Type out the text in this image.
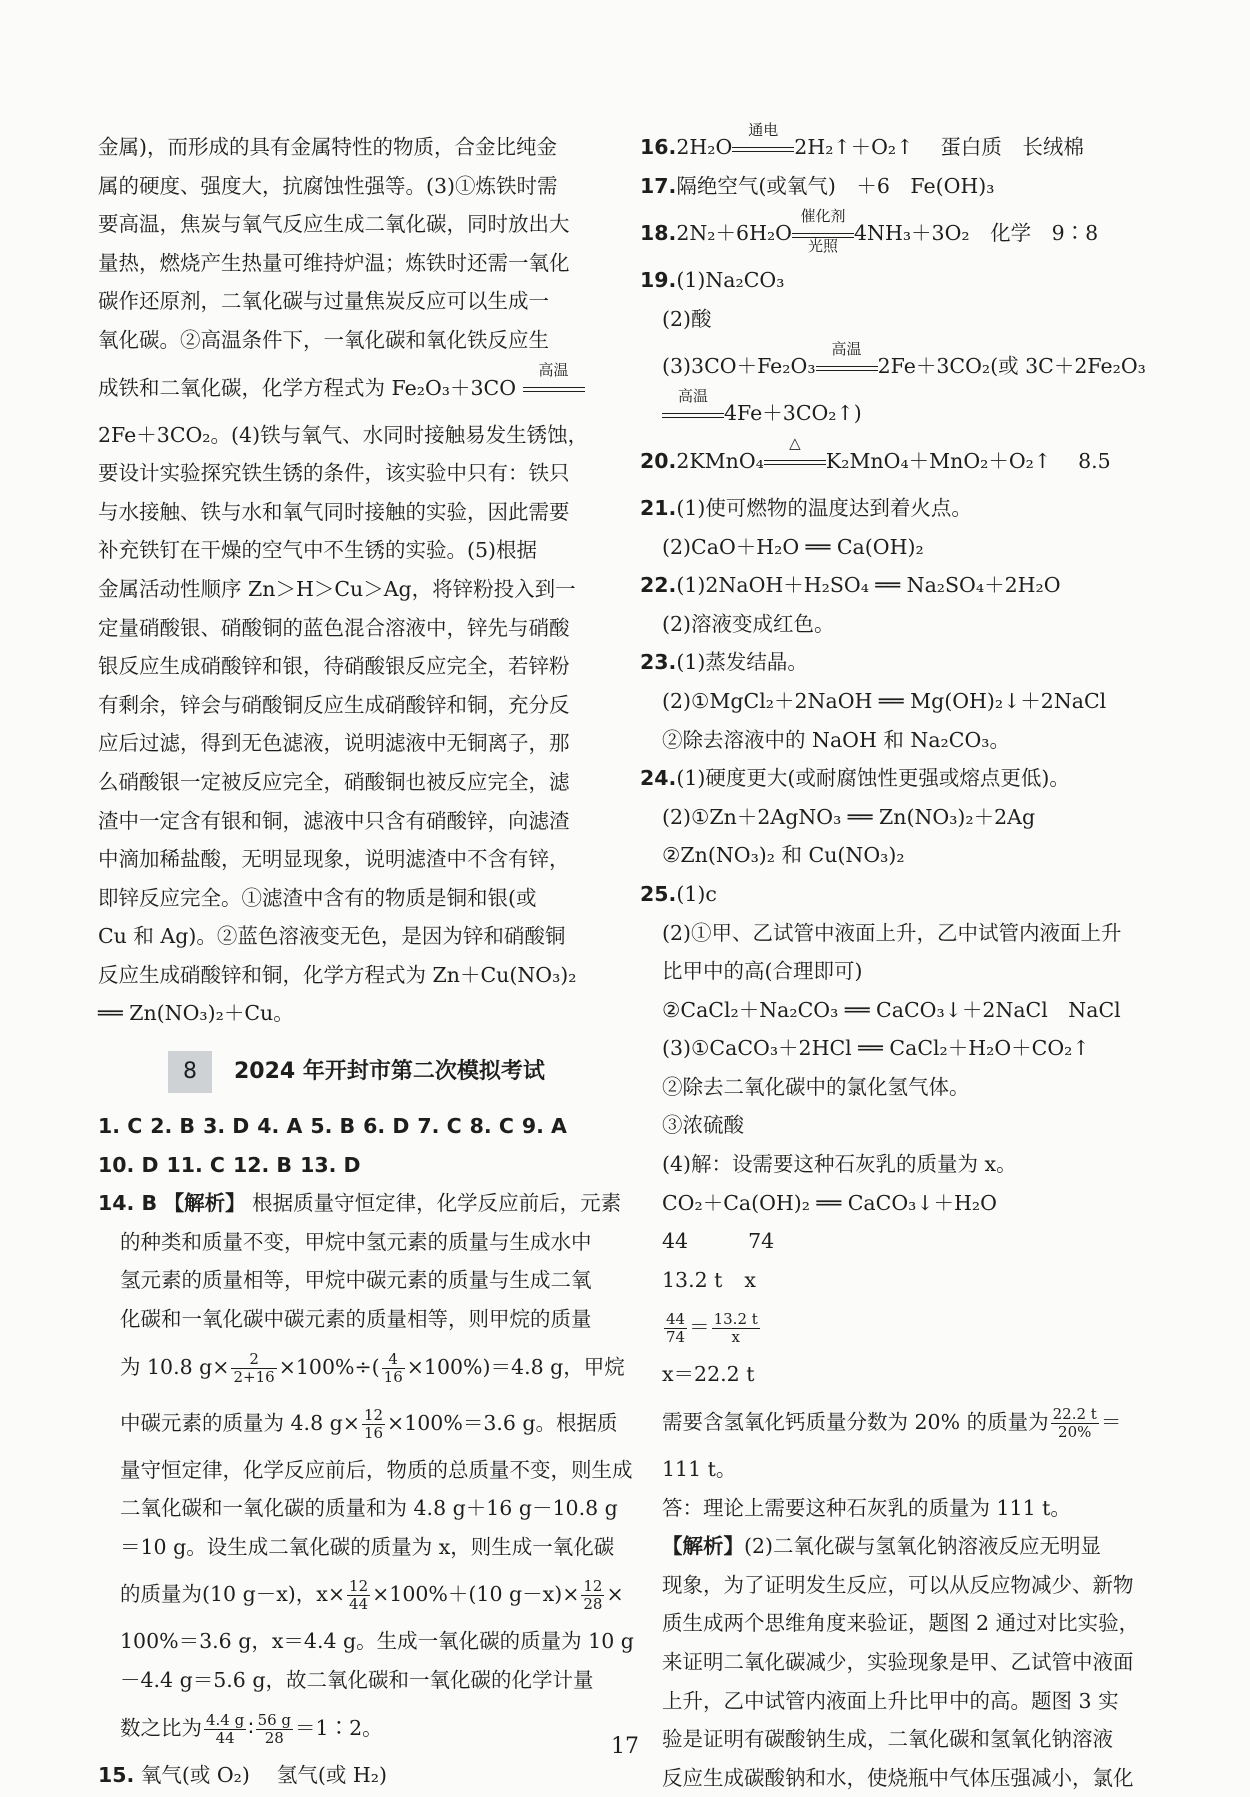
金属)，而形成的具有金属特性的物质，合金比纯金

属的硬度、强度大，抗腐蚀性强等。(3)①炼铁时需

要高温，焦炭与氧气反应生成二氧化碳，同时放出大

量热，燃烧产生热量可维持炉温；炼铁时还需一氧化

碳作还原剂，二氧化碳与过量焦炭反应可以生成一

氧化碳。②高温条件下，一氧化碳和氧化铁反应生

成铁和二氧化碳，化学方程式为 Fe₂O₃＋3CO
高温

2Fe＋3CO₂。(4)铁与氧气、水同时接触易发生锈蚀，

要设计实验探究铁生锈的条件，该实验中只有：铁只

与水接触、铁与水和氧气同时接触的实验，因此需要

补充铁钉在干燥的空气中不生锈的实验。(5)根据

金属活动性顺序 Zn＞H＞Cu＞Ag，将锌粉投入到一

定量硝酸银、硝酸铜的蓝色混合溶液中，锌先与硝酸

银反应生成硝酸锌和银，待硝酸银反应完全，若锌粉

有剩余，锌会与硝酸铜反应生成硝酸锌和铜，充分反

应后过滤，得到无色滤液，说明滤液中无铜离子，那

么硝酸银一定被反应完全，硝酸铜也被反应完全，滤

渣中一定含有银和铜，滤液中只含有硝酸锌，向滤渣

中滴加稀盐酸，无明显现象，说明滤渣中不含有锌，

即锌反应完全。①滤渣中含有的物质是铜和银(或

Cu 和 Ag)。②蓝色溶液变无色，是因为锌和硝酸铜

反应生成硝酸锌和铜，化学方程式为 Zn＋Cu(NO₃)₂

══ Zn(NO₃)₂＋Cu。

8	2024 年开封市第二次模拟考试

1. C 2. B 3. D 4. A 5. B 6. D 7. C 8. C 9. A

10. D 11. C 12. B 13. D

14. B 【解析】 根据质量守恒定律，化学反应前后，元素

的种类和质量不变，甲烷中氢元素的质量与生成水中

氢元素的质量相等，甲烷中碳元素的质量与生成二氧

化碳和一氧化碳中碳元素的质量相等，则甲烷的质量

为 10.8 $g\times \frac{2}{2+16} \times 100\%\div( \frac{4}{16} \times 100\%)=4.8$ g，甲烷

中碳元素的质量为 4.8 $g\times \frac{12}{16} \times 100\%=3.6$ g。根据质

量守恒定律，化学反应前后，物质的总质量不变，则生成

二氧化碳和一氧化碳的质量和为 4.8 g＋16 g－10.8 g

＝10 g。设生成二氧化碳的质量为 x，则生成一氧化碳

的质量为(10 g－x)，$x\times \frac{12}{44} \times 100\%+(10$ $g-x)\times \frac{12}{28}$ ×

100%＝3.6 g，x＝4.4 g。生成一氧化碳的质量为 10 g

－4.4 g＝5.6 g，故二氧化碳和一氧化碳的化学计量

数之比为 $\frac{4.4 g}{44}$ ∶ $\frac{56 g}{28}$ ＝1∶2。

15. 氧气(或 O₂)　 氢气(或 H₂)

16.2H₂O
通电
2H₂↑＋O₂↑　 蛋白质　长绒棉

17.隔绝空气(或氧气)　＋6　Fe(OH)₃

18.2N₂＋6H₂O
催化剂
光照
4NH₃＋3O₂　化学　9∶8

19.(1)Na₂CO₃

(2)酸

(3)3CO＋Fe₂O₃
高温
2Fe＋3CO₂(或 3C＋2Fe₂O₃

高温
4Fe＋3CO₂↑)

20.2KMnO₄
△
K₂MnO₄＋MnO₂＋O₂↑　 8.5

21.(1)使可燃物的温度达到着火点。

(2)CaO＋H₂O ══ Ca(OH)₂

22.(1)2NaOH＋H₂SO₄ ══ Na₂SO₄＋2H₂O

(2)溶液变成红色。

23.(1)蒸发结晶。

(2)①MgCl₂＋2NaOH ══ Mg(OH)₂↓＋2NaCl

②除去溶液中的 NaOH 和 Na₂CO₃。

24.(1)硬度更大(或耐腐蚀性更强或熔点更低)。

(2)①Zn＋2AgNO₃ ══ Zn(NO₃)₂＋2Ag

②Zn(NO₃)₂ 和 Cu(NO₃)₂

25.(1)c

(2)①甲、乙试管中液面上升，乙中试管内液面上升

比甲中的高(合理即可)

②CaCl₂＋Na₂CO₃ ══ CaCO₃↓＋2NaCl　NaCl

(3)①CaCO₃＋2HCl ══ CaCl₂＋H₂O＋CO₂↑

②除去二氧化碳中的氯化氢气体。

③浓硫酸

(4)解：设需要这种石灰乳的质量为 x。

CO₂＋Ca(OH)₂ ══ CaCO₃↓＋H₂O

44	74

13.2 t x

$\frac{44}{74} = \frac{13.2 t}{x}$

x＝22.2 t

需要含氢氧化钙质量分数为 20% 的质量为 $\frac{22.2 t}{20\%}$ ＝

111 t。

答：理论上需要这种石灰乳的质量为 111 t。

【解析】(2)二氧化碳与氢氧化钠溶液反应无明显

现象，为了证明发生反应，可以从反应物减少、新物

质生成两个思维角度来验证，题图 2 通过对比实验，

来证明二氧化碳减少，实验现象是甲、乙试管中液面

上升，乙中试管内液面上升比甲中的高。题图 3 实

验是证明有碳酸钠生成，二氧化碳和氢氧化钠溶液

反应生成碳酸钠和水，使烧瓶中气体压强减小，氯化

17
